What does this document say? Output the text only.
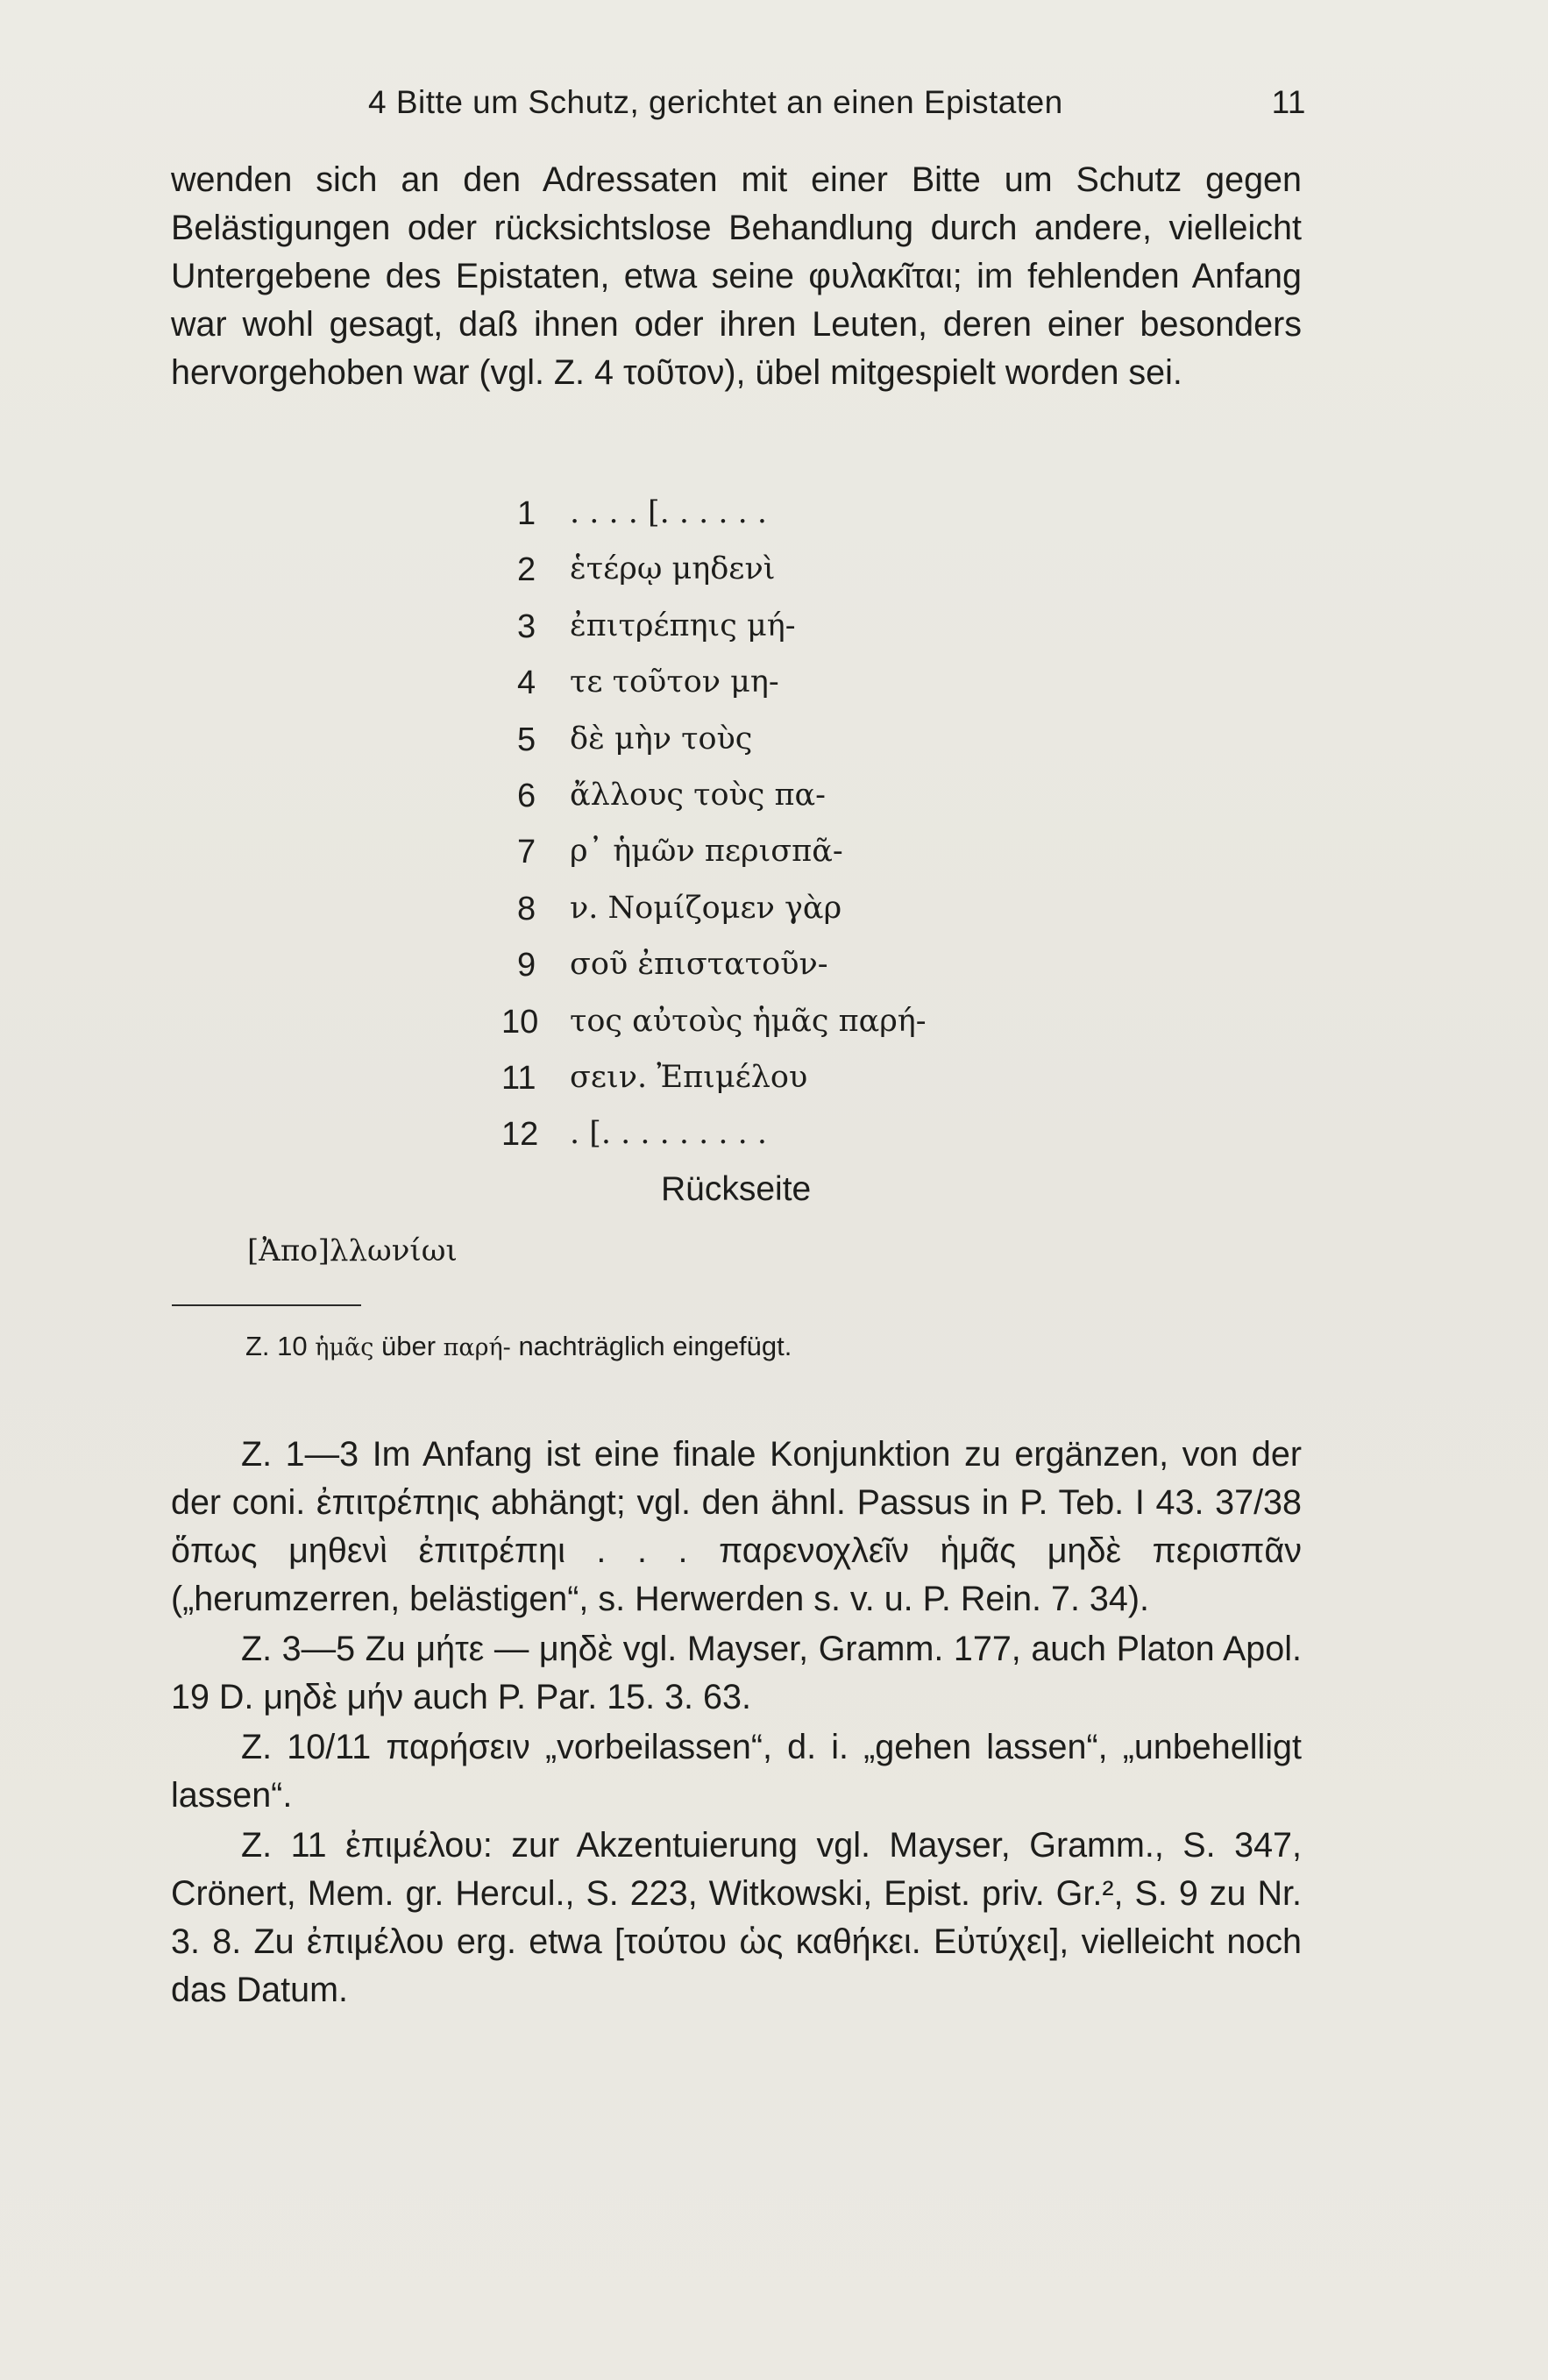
4 Bitte um Schutz, gerichtet an einen Epistaten	11

wenden sich an den Adressaten mit einer Bitte um Schutz gegen Belästigungen oder rücksichtslose Behandlung durch andere, vielleicht Untergebene des Epistaten, etwa seine φυλακῖται; im fehlenden Anfang war wohl gesagt, daß ihnen oder ihren Leuten, deren einer besonders hervorgehoben war (vgl. Z. 4 τοῦτον), übel mitgespielt worden sei.

1	. . . . [. . . . . .
2	ἑτέρῳ μηδενὶ
3	ἐπιτρέπηις μή-
4	τε τοῦτον μη-
5	δὲ μὴν τοὺς
6	ἄλλους τοὺς πα-
7	ρ᾽ ἡμῶν περισπᾶ-
8	ν. Νομίζομεν γὰρ
9	σοῦ ἐπιστατοῦν-
10	τος αὐτοὺς ἡμᾶς παρή-
11	σειν. Ἐπιμέλου
12	. [. . . . . . . . .
Rückseite
[Ἀπο]λλωνίωι
Z. 10 ἡμᾶς über παρή- nachträglich eingefügt.

Z. 1—3 Im Anfang ist eine finale Konjunktion zu ergänzen, von der der coni. ἐπιτρέπηις abhängt; vgl. den ähnl. Passus in P. Teb. I 43. 37/38 ὅπως μηθενὶ ἐπιτρέπηι . . . παρενοχλεῖν ἡμᾶς μηδὲ περισπᾶν („herumzerren, belästigen“, s. Herwerden s. v. u. P. Rein. 7. 34).

Z. 3—5 Zu μήτε — μηδὲ vgl. Mayser, Gramm. 177, auch Platon Apol. 19 D. μηδὲ μήν auch P. Par. 15. 3. 63.

Z. 10/11 παρήσειν „vorbeilassen“, d. i. „gehen lassen“, „unbehelligt lassen“.

Z. 11 ἐπιμέλου: zur Akzentuierung vgl. Mayser, Gramm., S. 347, Crönert, Mem. gr. Hercul., S. 223, Witkowski, Epist. priv. Gr.², S. 9 zu Nr. 3. 8. Zu ἐπιμέλου erg. etwa [τούτου ὡς καθήκει. Εὐτύχει], vielleicht noch das Datum.
